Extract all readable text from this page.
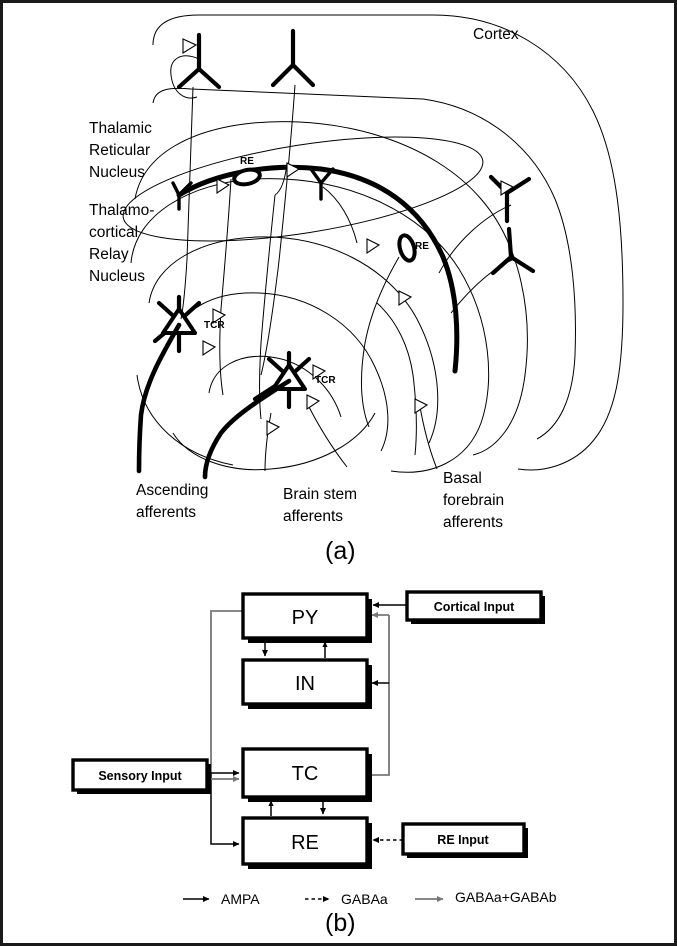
Cortex
Thalamic
Reticular
Nucleus
Thalamo-
cortical
Relay
Nucleus
RE
RE
TCR
TCR
Ascending
afferents
Brain stem
afferents
Basal
forebrain
afferents
(a)
PY
IN
TC
RE
Cortical Input
Sensory Input
RE Input
AMPA	GABAa	GABAa+GABAb
(b)
